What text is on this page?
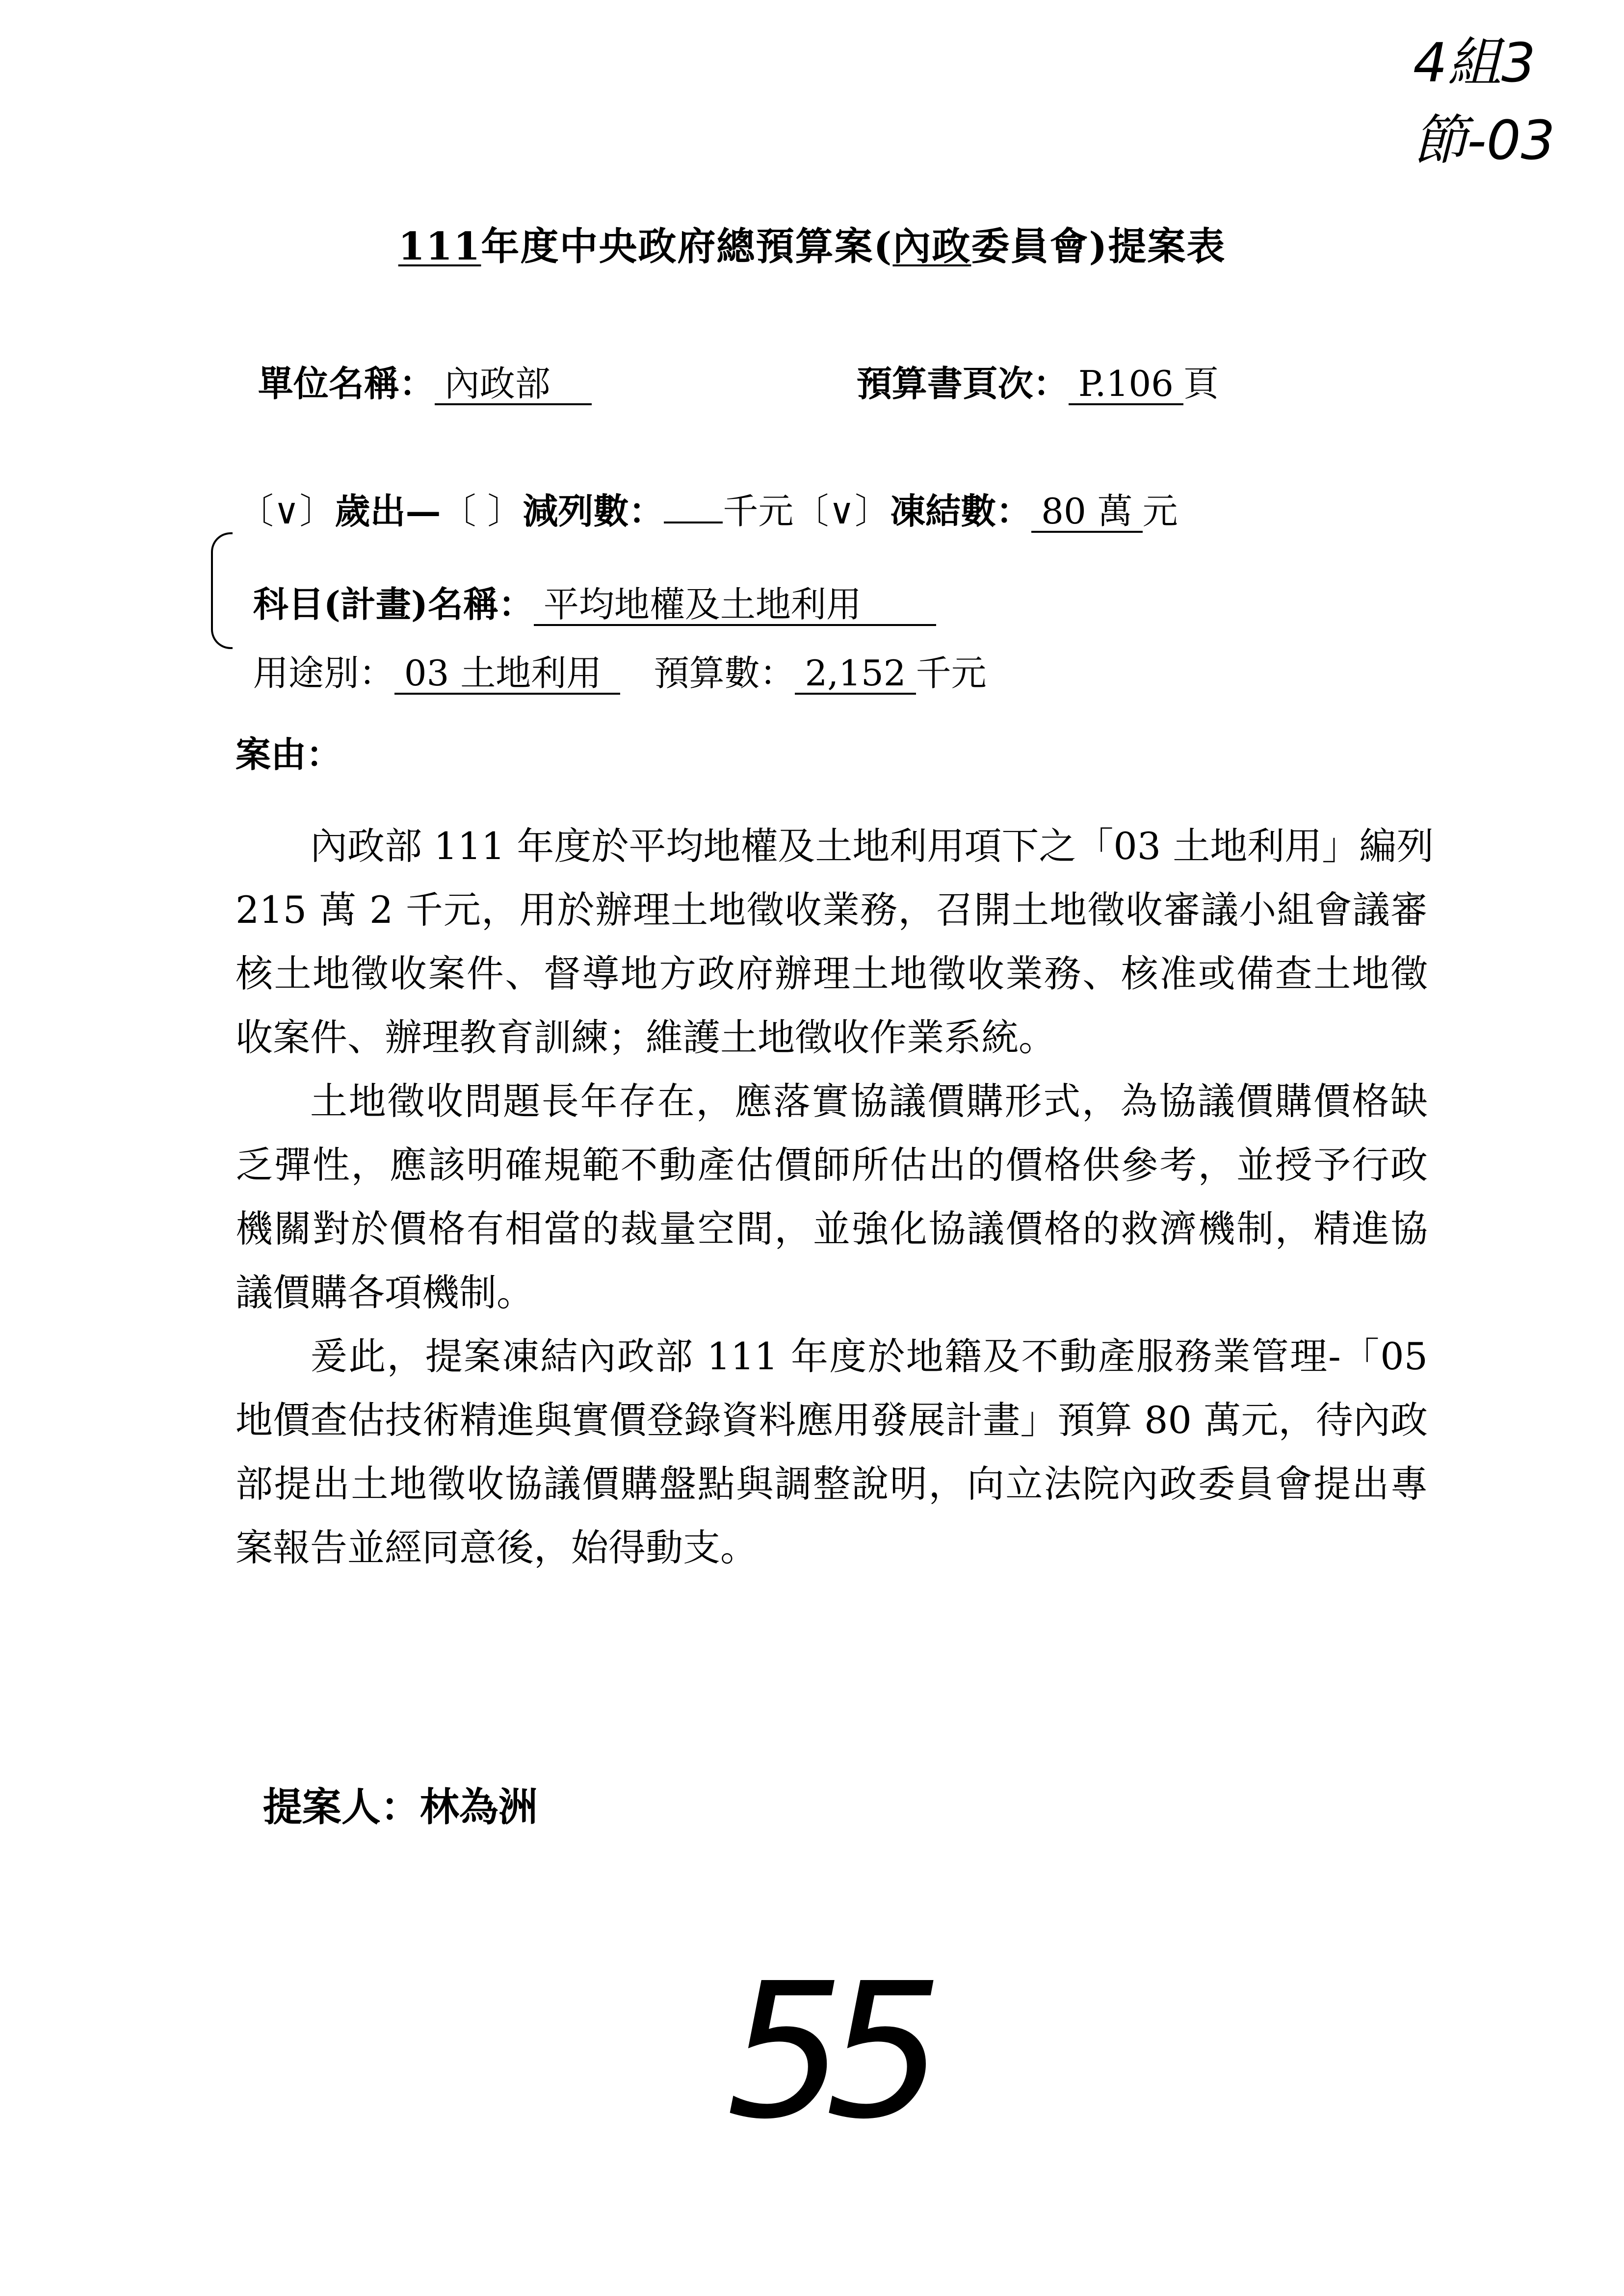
4組3節-03
111年度中央政府總預算案(內政委員會)提案表

單位名稱： 內政部	預算書頁次： P.106 頁

〔∨〕歲出—〔 〕減列數： 千元〔∨〕凍結數： 80 萬 元

科目(計畫)名稱： 平均地權及土地利用

用途別： 03 土地利用 預算數： 2,152 千元

案由：
內政部 111 年度於平均地權及土地利用項下之「03 土地利用」編列
215 萬 2 千元，用於辦理土地徵收業務，召開土地徵收審議小組會議審
核土地徵收案件、督導地方政府辦理土地徵收業務、核准或備查土地徵
收案件、辦理教育訓練；維護土地徵收作業系統。
土地徵收問題長年存在，應落實協議價購形式，為協議價購價格缺
乏彈性，應該明確規範不動產估價師所估出的價格供參考，並授予行政
機關對於價格有相當的裁量空間，並強化協議價格的救濟機制，精進協
議價購各項機制。
爰此，提案凍結內政部 111 年度於地籍及不動產服務業管理-「05
地價查估技術精進與實價登錄資料應用發展計畫」預算 80 萬元，待內政
部提出土地徵收協議價購盤點與調整說明，向立法院內政委員會提出專
案報告並經同意後，始得動支。

提案人：林為洲

55
